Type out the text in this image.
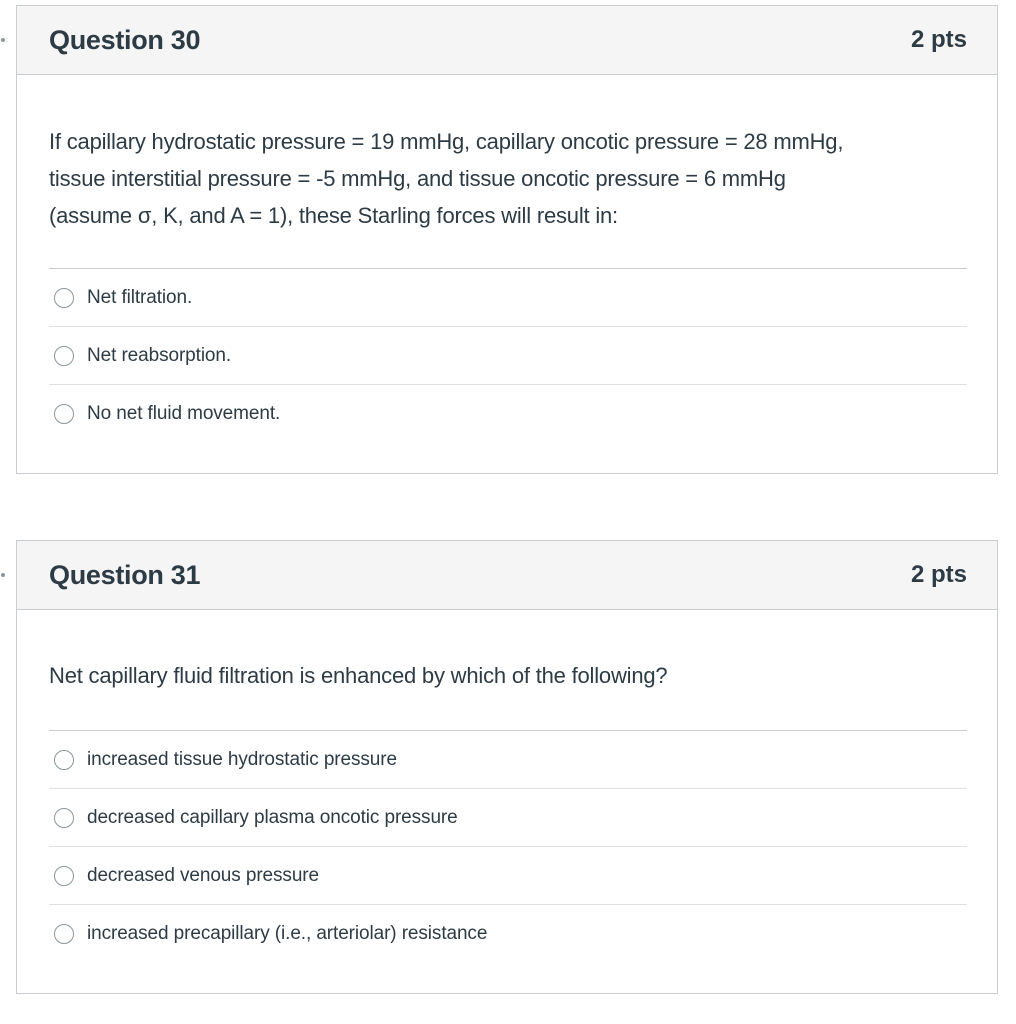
Question 30	2 pts
If capillary hydrostatic pressure = 19 mmHg, capillary oncotic pressure = 28 mmHg,
tissue interstitial pressure = -5 mmHg, and tissue oncotic pressure = 6 mmHg
(assume σ, K, and A = 1), these Starling forces will result in:
Net filtration.
Net reabsorption.
No net fluid movement.
Question 31	2 pts
Net capillary fluid filtration is enhanced by which of the following?
increased tissue hydrostatic pressure
decreased capillary plasma oncotic pressure
decreased venous pressure
increased precapillary (i.e., arteriolar) resistance
